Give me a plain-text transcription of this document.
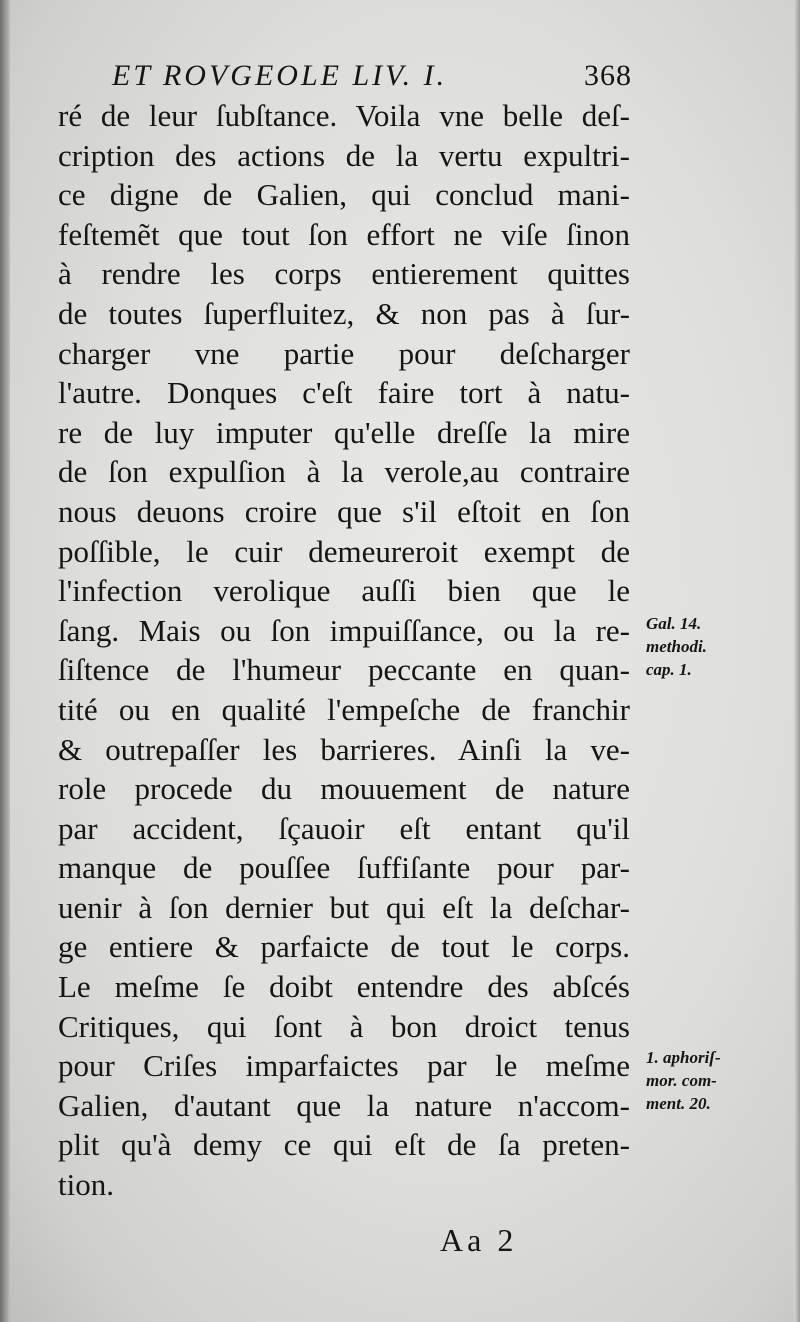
ET ROVGEOLE LIV. I.	368
ré de leur ſubſtance. Voila vne belle deſ-
cription des actions de la vertu expultri-
ce digne de Galien, qui conclud mani-
feſtemẽt que tout ſon effort ne viſe ſinon
à rendre les corps entierement quittes
de toutes ſuperfluitez, & non pas à ſur-
charger vne partie pour deſcharger
l'autre. Donques c'eſt faire tort à natu-
re de luy imputer qu'elle dreſſe la mire
de ſon expulſion à la verole,au contraire
nous deuons croire que s'il eſtoit en ſon
poſſible, le cuir demeureroit exempt de
l'infection verolique auſſi bien que le
ſang. Mais ou ſon impuiſſance, ou la re-
ſiſtence de l'humeur peccante en quan-
tité ou en qualité l'empeſche de franchir
& outrepaſſer les barrieres. Ainſi la ve-
role procede du mouuement de nature
par accident, ſçauoir eſt entant qu'il
manque de pouſſee ſuffiſante pour par-
uenir à ſon dernier but qui eſt la deſchar-
ge entiere & parfaicte de tout le corps.
Le meſme ſe doibt entendre des abſcés
Critiques, qui ſont à bon droict tenus
pour Criſes imparfaictes par le meſme
Galien, d'autant que la nature n'accom-
plit qu'à demy ce qui eſt de ſa preten-
tion.
Gal. 14.
methodi.
cap. 1.
1. aphoriſ-
mor. com-
ment. 20.
Aa 2
